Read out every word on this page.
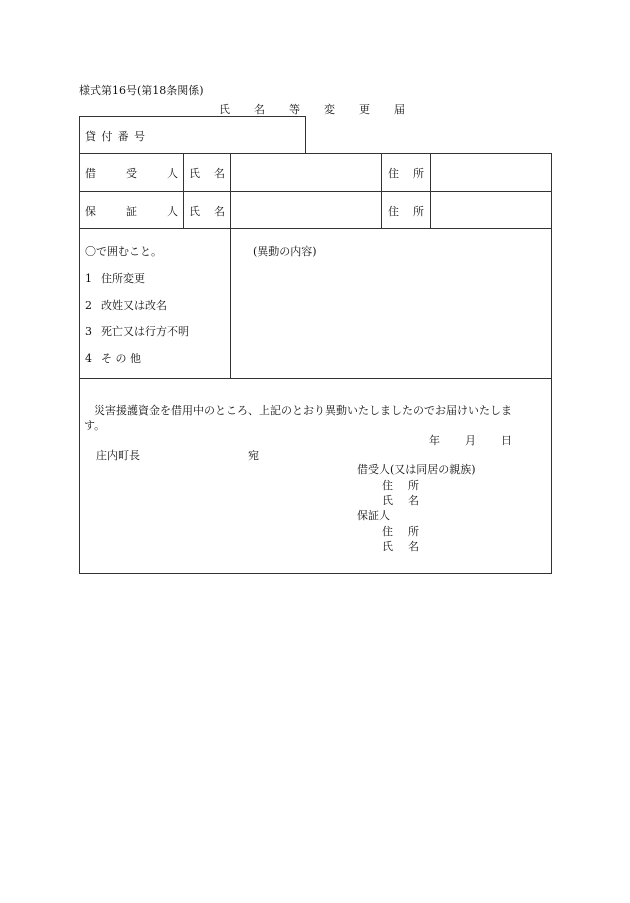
様式第16号(第18条関係)
氏 名 等 変 更 届
貸 付 番 号
借	受	人 氏 名	住 所
保	証	人 氏 名	住 所
〇で囲むこと。
1 住所変更
2 改姓又は改名
3 死亡又は行方不明
4 そ の 他
(異動の内容)
災害援護資金を借用中のところ、上記のとおり異動いたしましたのでお届けいたしま
す。
年 月 日
庄内町長	宛
借受人(又は同居の親族)
住 所
氏 名
保証人
住 所
氏 名
